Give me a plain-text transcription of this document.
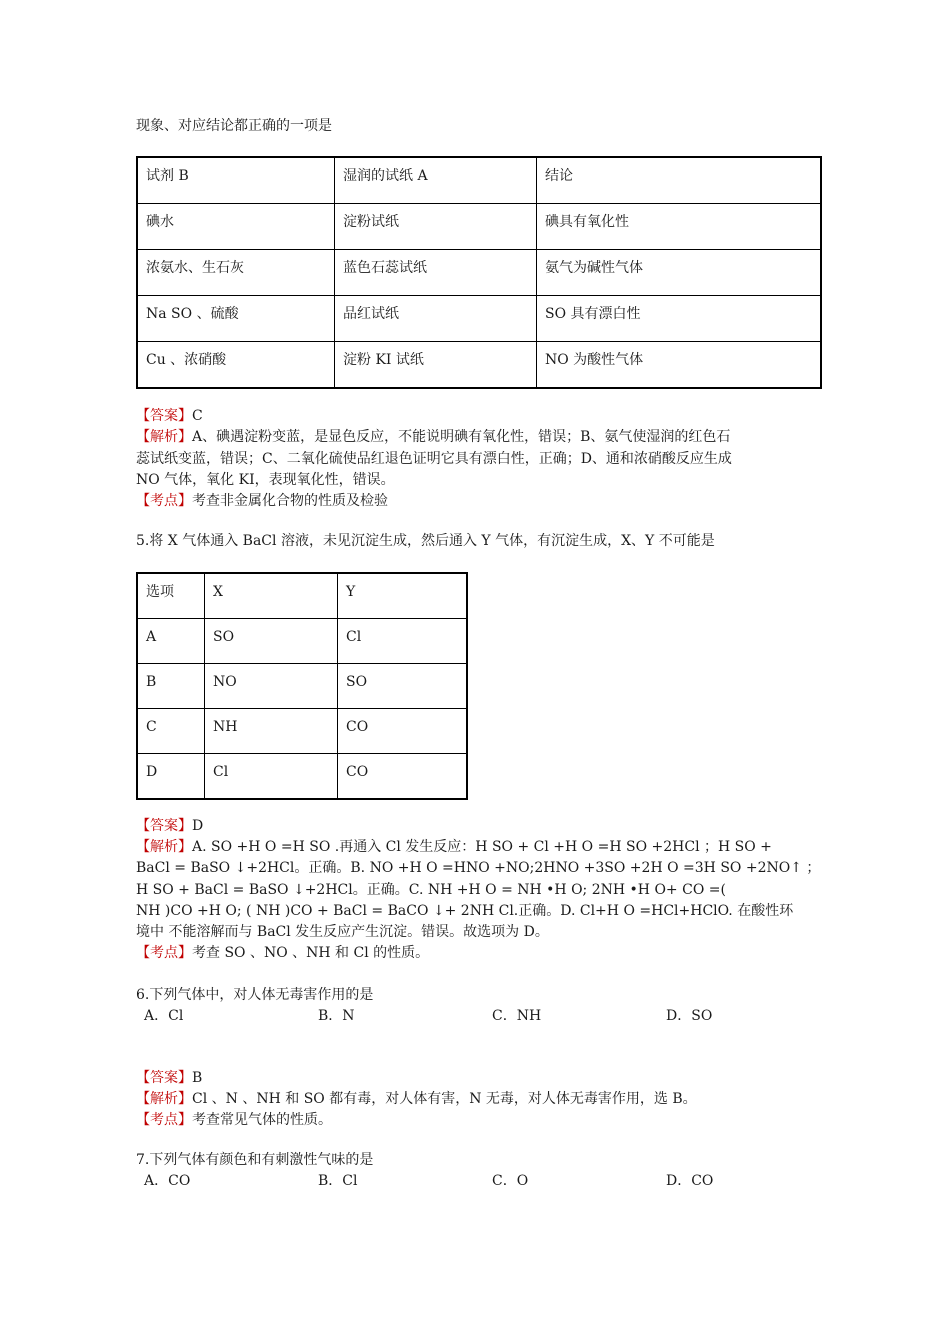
现象、对应结论都正确的一项是
试剂 B	湿润的试纸 A	结论
碘水	淀粉试纸	碘具有氧化性
浓氨水、生石灰	蓝色石蕊试纸	氨气为碱性气体
Na SO 、硫酸	品红试纸	SO 具有漂白性
Cu 、浓硝酸	淀粉 KI 试纸	NO 为酸性气体
【答案】C
【解析】A、碘遇淀粉变蓝，是显色反应，不能说明碘有氧化性，错误；B、氨气使湿润的红色石
蕊试纸变蓝，错误；C、二氧化硫使品红退色证明它具有漂白性，正确；D、通和浓硝酸反应生成
NO 气体，氧化 KI，表现氧化性，错误。
【考点】考查非金属化合物的性质及检验
5.将 X 气体通入 BaCl 溶液，未见沉淀生成，然后通入 Y 气体，有沉淀生成，X、Y 不可能是
选项	X	Y
A	SO	Cl
B	NO	SO
C	NH	CO
D	Cl	CO
【答案】D
【解析】A. SO +H O =H SO .再通入 Cl 发生反应：H SO + Cl +H O =H SO +2HCl ；H SO +
BaCl = BaSO ↓+2HCl。正确。B. NO +H O =HNO +NO;2HNO +3SO +2H O =3H SO +2NO↑ ；
H SO + BaCl = BaSO ↓+2HCl。正确。C. NH +H O = NH •H O; 2NH •H O+ CO =(
NH )CO +H O; ( NH )CO + BaCl = BaCO ↓+ 2NH Cl.正确。D. Cl+H O =HCl+HClO. 在酸性环
境中 不能溶解而与 BaCl 发生反应产生沉淀。错误。故选项为 D。
【考点】考查 SO 、NO 、NH 和 Cl 的性质。
6.下列气体中，对人体无毒害作用的是
A．Cl	B．N	C．NH	D．SO
【答案】B
【解析】Cl 、N 、NH 和 SO 都有毒，对人体有害，N 无毒，对人体无毒害作用，选 B。
【考点】考查常见气体的性质。
7.下列气体有颜色和有刺激性气味的是
A．CO	B．Cl	C．O	D．CO
